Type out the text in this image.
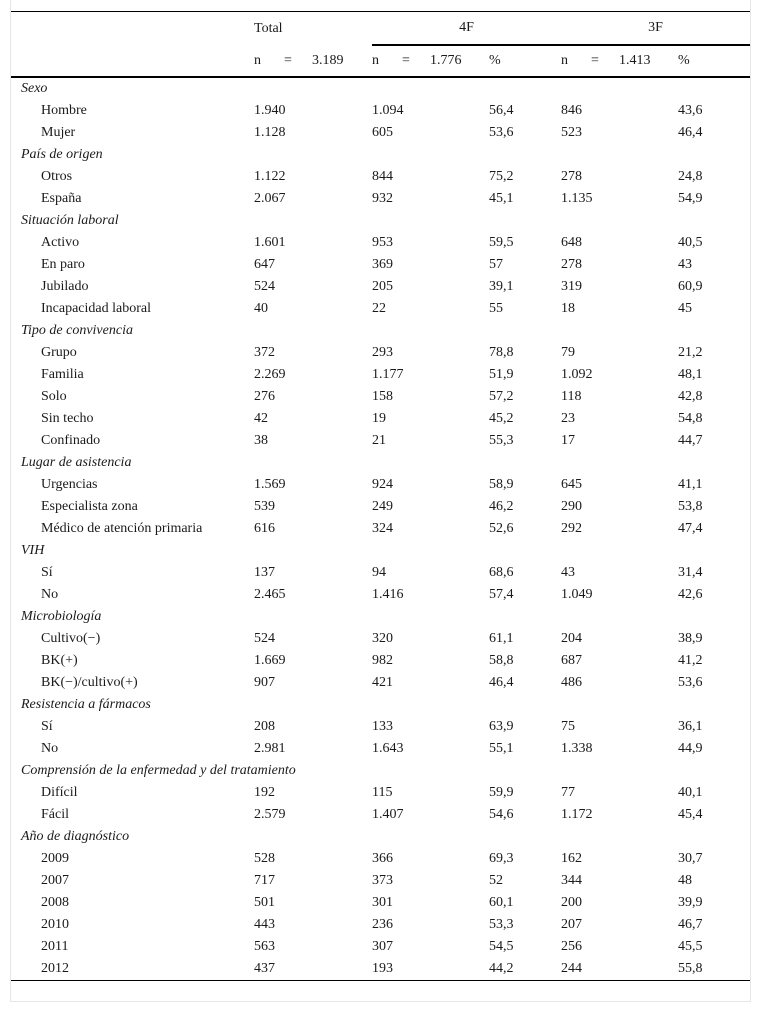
	Total	4F		3F	
	n = 3.189	n = 1.776	%	n = 1.413	%
Sexo					
Hombre	1.940	1.094	56,4	846	43,6
Mujer	1.128	605	53,6	523	46,4
País de origen					
Otros	1.122	844	75,2	278	24,8
España	2.067	932	45,1	1.135	54,9
Situación laboral					
Activo	1.601	953	59,5	648	40,5
En paro	647	369	57	278	43
Jubilado	524	205	39,1	319	60,9
Incapacidad laboral	40	22	55	18	45
Tipo de convivencia					
Grupo	372	293	78,8	79	21,2
Familia	2.269	1.177	51,9	1.092	48,1
Solo	276	158	57,2	118	42,8
Sin techo	42	19	45,2	23	54,8
Confinado	38	21	55,3	17	44,7
Lugar de asistencia					
Urgencias	1.569	924	58,9	645	41,1
Especialista zona	539	249	46,2	290	53,8
Médico de atención primaria	616	324	52,6	292	47,4
VIH					
Sí	137	94	68,6	43	31,4
No	2.465	1.416	57,4	1.049	42,6
Microbiología					
Cultivo(−)	524	320	61,1	204	38,9
BK(+)	1.669	982	58,8	687	41,2
BK(−)/cultivo(+)	907	421	46,4	486	53,6
Resistencia a fármacos					
Sí	208	133	63,9	75	36,1
No	2.981	1.643	55,1	1.338	44,9
Comprensión de la enfermedad y del tratamiento					
Difícil	192	115	59,9	77	40,1
Fácil	2.579	1.407	54,6	1.172	45,4
Año de diagnóstico					
2009	528	366	69,3	162	30,7
2007	717	373	52	344	48
2008	501	301	60,1	200	39,9
2010	443	236	53,3	207	46,7
2011	563	307	54,5	256	45,5
2012	437	193	44,2	244	55,8
